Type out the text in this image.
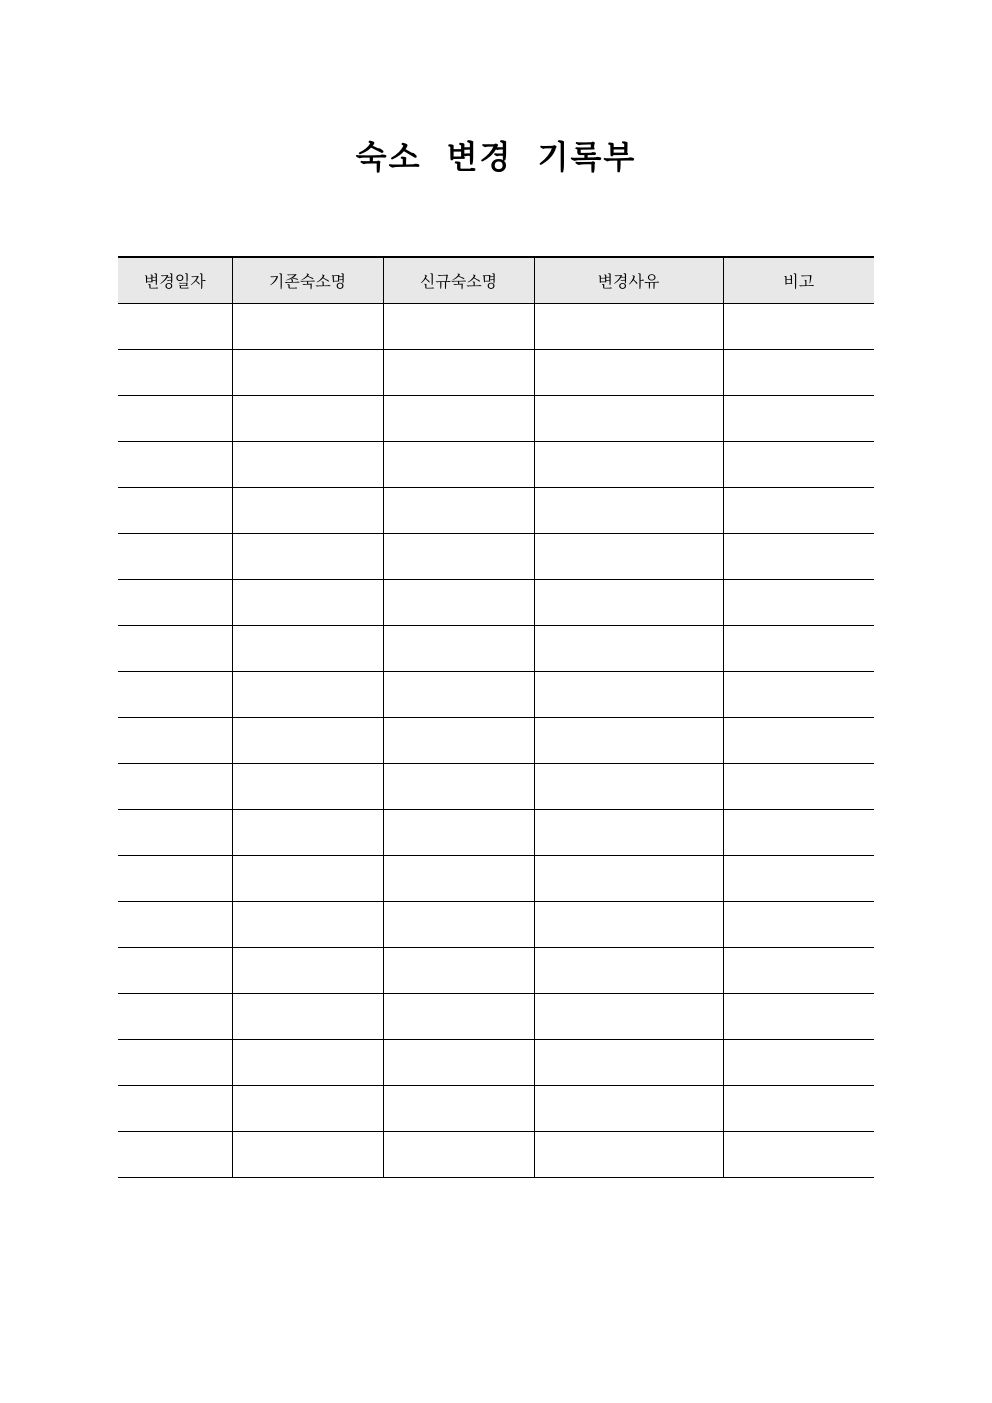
숙소 변경 기록부
변경일자	기존숙소명	신규숙소명	변경사유	비고
